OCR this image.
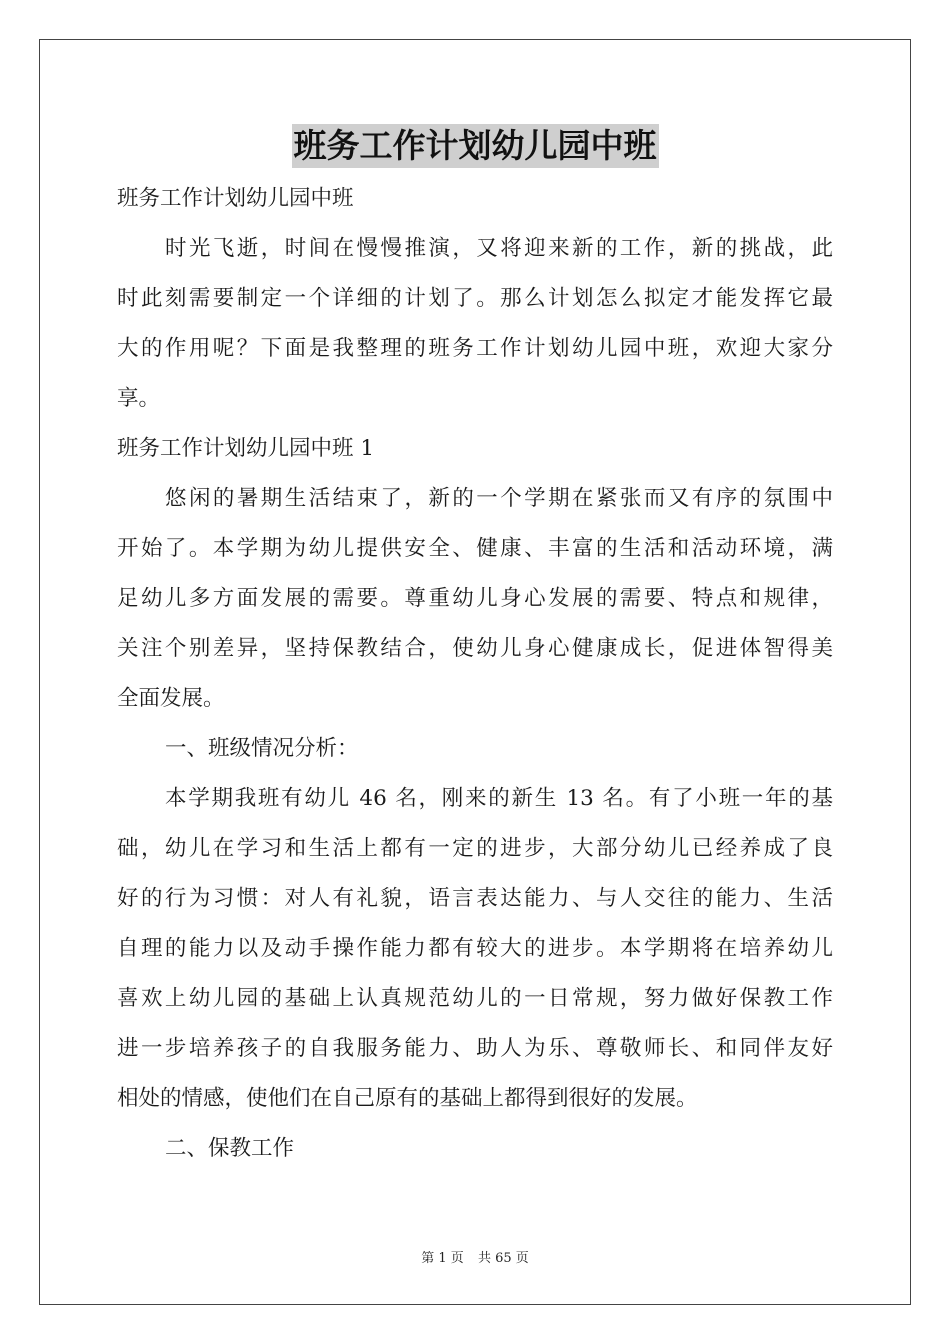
班务工作计划幼儿园中班
班务工作计划幼儿园中班
时光飞逝，时间在慢慢推演，又将迎来新的工作，新的挑战，此
时此刻需要制定一个详细的计划了。那么计划怎么拟定才能发挥它最
大的作用呢？下面是我整理的班务工作计划幼儿园中班，欢迎大家分
享。
班务工作计划幼儿园中班 1
悠闲的暑期生活结束了，新的一个学期在紧张而又有序的氛围中
开始了。本学期为幼儿提供安全、健康、丰富的生活和活动环境，满
足幼儿多方面发展的需要。尊重幼儿身心发展的需要、特点和规律，
关注个别差异，坚持保教结合，使幼儿身心健康成长，促进体智得美
全面发展。
一、班级情况分析：
本学期我班有幼儿 46 名，刚来的新生 13 名。有了小班一年的基
础，幼儿在学习和生活上都有一定的进步，大部分幼儿已经养成了良
好的行为习惯：对人有礼貌，语言表达能力、与人交往的能力、生活
自理的能力以及动手操作能力都有较大的进步。本学期将在培养幼儿
喜欢上幼儿园的基础上认真规范幼儿的一日常规，努力做好保教工作
进一步培养孩子的自我服务能力、助人为乐、尊敬师长、和同伴友好
相处的情感，使他们在自己原有的基础上都得到很好的发展。
二、保教工作
第 1 页 共 65 页
